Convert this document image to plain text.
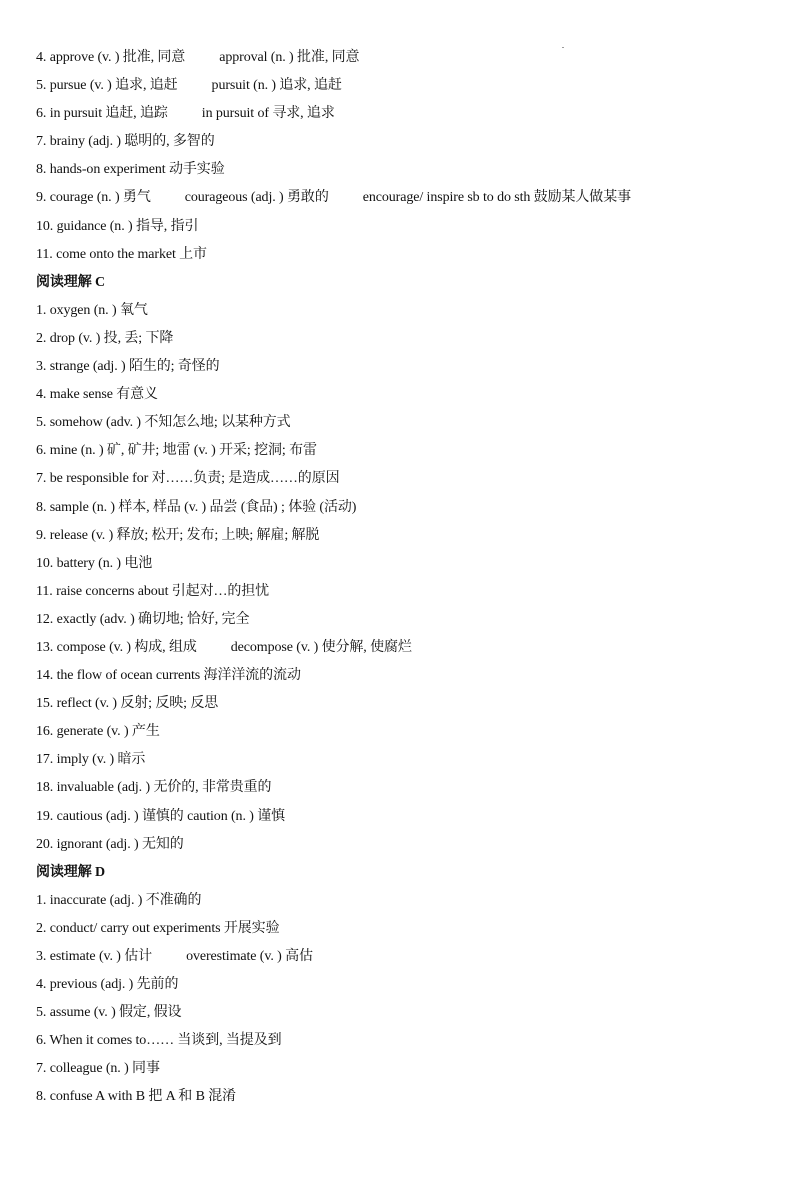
4. approve (v. ) 批准, 同意 approval (n. ) 批准, 同意
5. pursue (v. ) 追求, 追赶 pursuit (n. ) 追求, 追赶
6. in pursuit 追赶, 追踪 in pursuit of 寻求, 追求
7. brainy (adj. ) 聪明的, 多智的
8. hands-on experiment 动手实验
9. courage (n. ) 勇气 courageous (adj. ) 勇敢的 encourage/ inspire sb to do sth 鼓励某人做某事
10. guidance (n. ) 指导, 指引
11. come onto the market 上市
阅读理解 C
1. oxygen (n. ) 氧气
2. drop (v. ) 投, 丢; 下降
3. strange (adj. ) 陌生的; 奇怪的
4. make sense 有意义
5. somehow (adv. ) 不知怎么地; 以某种方式
6. mine (n. ) 矿, 矿井; 地雷 (v. ) 开采; 挖洞; 布雷
7. be responsible for 对……负责; 是造成……的原因
8. sample (n. ) 样本, 样品 (v. ) 品尝 (食品) ; 体验 (活动)
9. release (v. ) 释放; 松开; 发布; 上映; 解雇; 解脱
10. battery (n. ) 电池
11. raise concerns about 引起对…的担忧
12. exactly (adv. ) 确切地; 恰好, 完全
13. compose (v. ) 构成, 组成 decompose (v. ) 使分解, 使腐烂
14. the flow of ocean currents 海洋洋流的流动
15. reflect (v. ) 反射; 反映; 反思
16. generate (v. ) 产生
17. imply (v. ) 暗示
18. invaluable (adj. ) 无价的, 非常贵重的
19. cautious (adj. ) 谨慎的 caution (n. ) 谨慎
20. ignorant (adj. ) 无知的
阅读理解 D
1. inaccurate (adj. ) 不准确的
2. conduct/ carry out experiments 开展实验
3. estimate (v. ) 估计 overestimate (v. ) 高估
4. previous (adj. ) 先前的
5. assume (v. ) 假定, 假设
6. When it comes to…… 当谈到, 当提及到
7. colleague (n. ) 同事
8. confuse A with B 把 A 和 B 混淆
